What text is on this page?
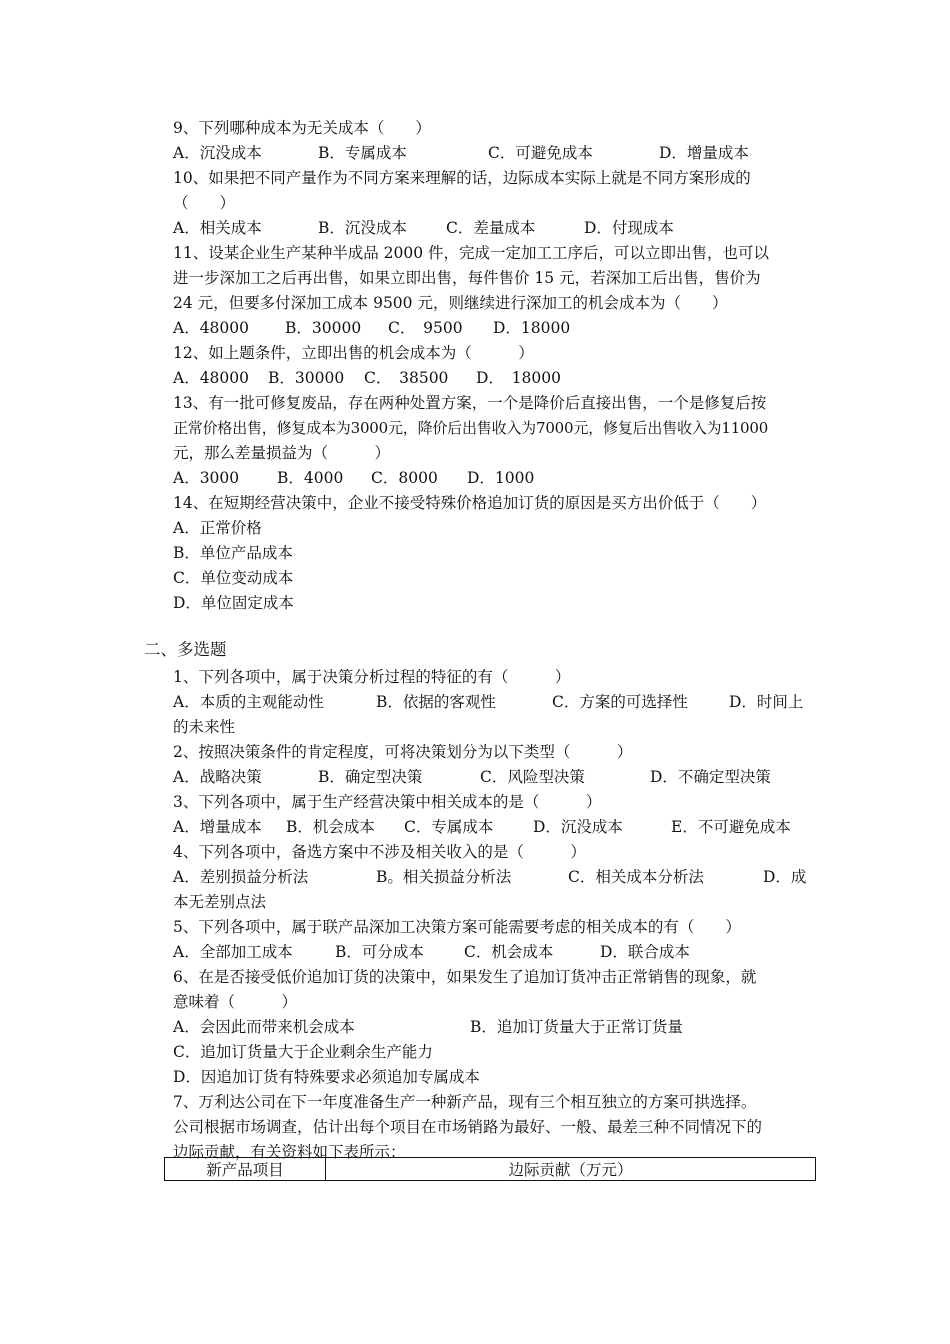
9、下列哪种成本为无关成本（　　）
A．沉没成本	B．专属成本	C．可避免成本	D．增量成本
10、如果把不同产量作为不同方案来理解的话，边际成本实际上就是不同方案形成的
（　　）
A．相关成本	B．沉没成本	C．差量成本	D．付现成本
11、设某企业生产某种半成品 2000 件，完成一定加工工序后，可以立即出售，也可以
进一步深加工之后再出售，如果立即出售，每件售价 15 元，若深加工后出售，售价为
24 元，但要多付深加工成本 9500 元，则继续进行深加工的机会成本为（　　）
A．48000 B．30000 C．　9500 D．18000
12、如上题条件，立即出售的机会成本为（　　　）
A．48000 B．30000 C．　38500 D．　18000
13、有一批可修复废品，存在两种处置方案，一个是降价后直接出售，一个是修复后按
正常价格出售，修复成本为3000元，降价后出售收入为7000元，修复后出售收入为11000
元，那么差量损益为（　　　）
A．3000 B．4000 C．8000 D．1000
14、在短期经营决策中，企业不接受特殊价格追加订货的原因是买方出价低于（　　）
A．正常价格
B．单位产品成本
C．单位变动成本
D．单位固定成本
二、多选题
1、下列各项中，属于决策分析过程的特征的有（　　　）
A．本质的主观能动性	B．依据的客观性	C．方案的可选择性	D．时间上
的未来性
2、按照决策条件的肯定程度，可将决策划分为以下类型（　　　）
A．战略决策	B．确定型决策	C．风险型决策	D．不确定型决策
3、下列各项中，属于生产经营决策中相关成本的是（　　　）
A．增量成本 B．机会成本 C．专属成本	D．沉没成本	E．不可避免成本
4、下列各项中，备选方案中不涉及相关收入的是（　　　）
A．差别损益分析法	B。相关损益分析法	C．相关成本分析法	D．成
本无差别点法
5、下列各项中，属于联产品深加工决策方案可能需要考虑的相关成本的有（　　）
A．全部加工成本	B．可分成本	C．机会成本	D．联合成本
6、在是否接受低价追加订货的决策中，如果发生了追加订货冲击正常销售的现象，就
意味着（　　　）
A．会因此而带来机会成本	B．追加订货量大于正常订货量
C．追加订货量大于企业剩余生产能力
D．因追加订货有特殊要求必须追加专属成本
7、万利达公司在下一年度准备生产一种新产品，现有三个相互独立的方案可拱选择。
公司根据市场调查，估计出每个项目在市场销路为最好、一般、最差三种不同情况下的
边际贡献，有关资料如下表所示：
新产品项目	边际贡献（万元）
